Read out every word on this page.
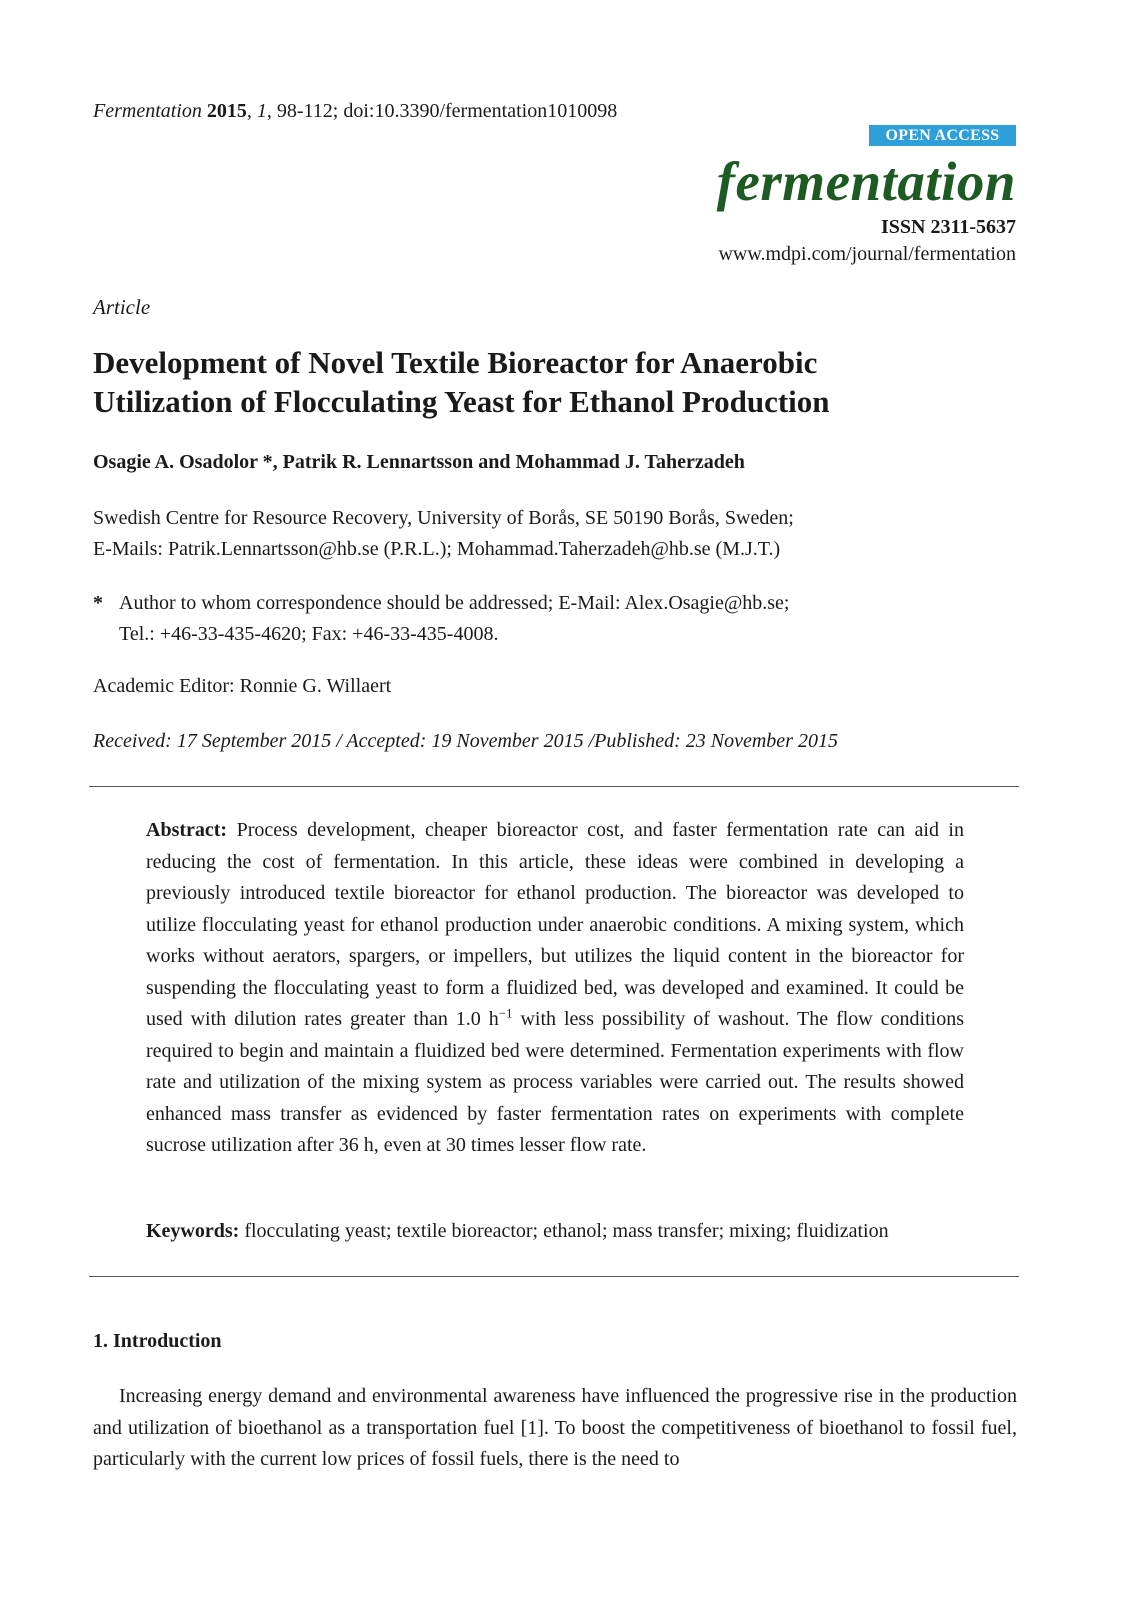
Fermentation 2015, 1, 98-112; doi:10.3390/fermentation1010098
OPEN ACCESS
fermentation
ISSN 2311-5637
www.mdpi.com/journal/fermentation
Article
Development of Novel Textile Bioreactor for Anaerobic
Utilization of Flocculating Yeast for Ethanol Production
Osagie A. Osadolor *, Patrik R. Lennartsson and Mohammad J. Taherzadeh
Swedish Centre for Resource Recovery, University of Borås, SE 50190 Borås, Sweden;
E-Mails: Patrik.Lennartsson@hb.se (P.R.L.); Mohammad.Taherzadeh@hb.se (M.J.T.)
* Author to whom correspondence should be addressed; E-Mail: Alex.Osagie@hb.se;
Tel.: +46-33-435-4620; Fax: +46-33-435-4008.
Academic Editor: Ronnie G. Willaert
Received: 17 September 2015 / Accepted: 19 November 2015 /Published: 23 November 2015
Abstract: Process development, cheaper bioreactor cost, and faster fermentation rate can aid in reducing the cost of fermentation. In this article, these ideas were combined in developing a previously introduced textile bioreactor for ethanol production. The bioreactor was developed to utilize flocculating yeast for ethanol production under anaerobic conditions. A mixing system, which works without aerators, spargers, or impellers, but utilizes the liquid content in the bioreactor for suspending the flocculating yeast to form a fluidized bed, was developed and examined. It could be used with dilution rates greater than 1.0 $h^{-1}$ with less possibility of washout. The flow conditions required to begin and maintain a fluidized bed were determined. Fermentation experiments with flow rate and utilization of the mixing system as process variables were carried out. The results showed enhanced mass transfer as evidenced by faster fermentation rates on experiments with complete sucrose utilization after 36 h, even at 30 times lesser flow rate.
Keywords: flocculating yeast; textile bioreactor; ethanol; mass transfer; mixing; fluidization
1. Introduction
Increasing energy demand and environmental awareness have influenced the progressive rise in the production and utilization of bioethanol as a transportation fuel [1]. To boost the competitiveness of bioethanol to fossil fuel, particularly with the current low prices of fossil fuels, there is the need to
